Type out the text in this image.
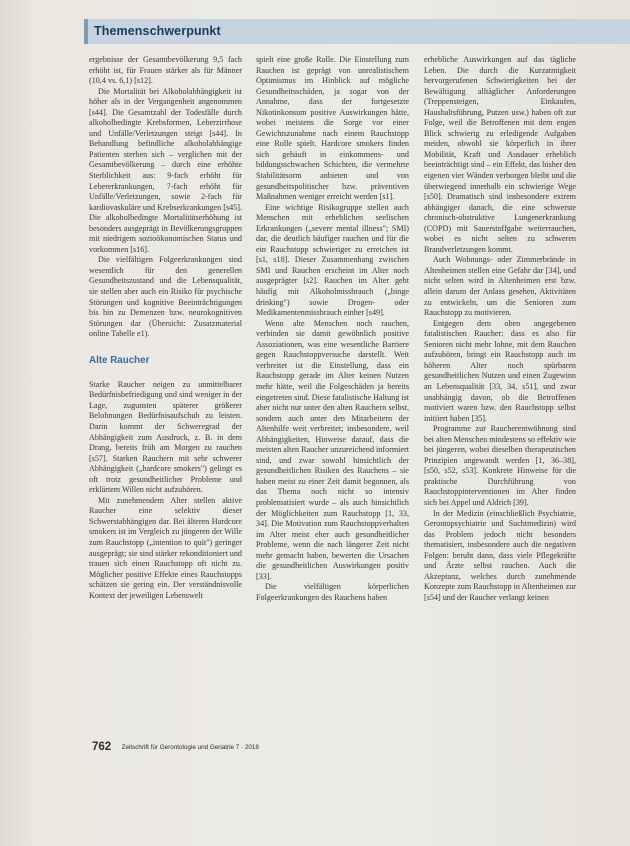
Themenschwerpunkt

ergebnisse der Gesamtbevölkerung 9,5 fach erhöht ist, für Frauen stärker als für Männer (10,4 vs. 6,1) [s12].

Die Mortalität bei Alkoholabhängigkeit ist höher als in der Vergangenheit angenommen [s44]. Die Gesamtzahl der Todesfälle durch alkoholbedingte Krebsformen, Leberzirrhose und Unfälle/Verletzungen steigt [s44]. In Behandlung befindliche alkoholabhängige Patienten sterben sich – verglichen mit der Gesamtbevölkerung – durch eine erhöhte Sterblichkeit aus: 9-fach erhöht für Lebererkrankungen, 7-fach erhöht für Unfälle/Verletzungen, sowie 2-fach für kardiovaskuläre und Krebserkrankungen [s45]. Die alkoholbedingte Mortalitätserhöhung ist besonders ausgeprägt in Bevölkerungsgruppen mit niedrigem sozioökonomischen Status und vorkommen [s16].

Die vielfältigen Folgeerkrankungen sind wesentlich für den generellen Gesundheitszustand und die Lebensqualität, sie stellen aber auch ein Risiko für psychische Störungen und kognitive Beeinträchtigungen bis hin zu Demenzen bzw. neurokognitiven Störungen dar (Übersicht: Zusatzmaterial online Tabelle e1).

Alte Raucher

Starke Raucher neigen zu unmittelbarer Bedürfnisbefriedigung und sind weniger in der Lage, zugunsten späterer größerer Belohnungen Bedürfnisaufschub zu leisten. Darin kommt der Schweregrad der Abhängigkeit zum Ausdruck, z. B. in dem Drang, bereits früh am Morgen zu rauchen [s57]. Starken Rauchern mit sehr schwerer Abhängigkeit („hardcore smokers") gelingt es oft trotz gesundheitlicher Probleme und erklärtem Willen nicht aufzuhören.

Mit zunehmendem Alter stellen aktive Raucher eine selektiv dieser Schwerstabhängigen dar. Bei älteren Hardcore smokers ist im Vergleich zu jüngeren der Wille zum Rauchstopp („intention to quit") geringer ausgeprägt; sie sind stärker rekonditioniert und trauen sich einen Rauchstopp oft nicht zu. Möglicher positive Effekte eines Rauchstopps schätzen sie gering ein. Der verständnisvolle Kontext der jeweiligen Lebenswelt

spielt eine große Rolle. Die Einstellung zum Rauchen ist geprägt von unrealistischem Optimismus im Hinblick auf mögliche Gesundheitsschäden, ja sogar von der Annahme, dass der fortgesetzte Nikotinkonsum positive Auswirkungen hätte, wobei meistens die Sorge vor einer Gewichtszunahme nach einem Rauchstopp eine Rolle spielt. Hardcore smokers finden sich gehäuft in einkommens- und bildungsschwachen Schichten, die vermehrte Stabilitätsorm anbieten und von gesundheitspolitischer bzw. präventiven Maßnahmen weniger erreicht werden [s1].

Eine wichtige Risikogruppe stellen auch Menschen mit erheblichen seelischen Erkrankungen („severe mental illness"; SMI) dar, die deutlich häufiger rauchen und für die ein Rauchstopp schwieriger zu erreichen ist [s1, s18]. Dieser Zusammenhang zwischen SMI und Rauchen erscheint im Alter noch ausgeprägter [s2]. Rauchen im Alter geht häufig mit Alkoholmissbrauch („binge drinking") sowie Drogen- oder Medikamentenmissbrauch einher [s49].

Wenn alte Menschen noch rauchen, verbinden sie damit gewöhnlich positive Assoziationen, was eine wesentliche Barriere gegen Rauchstoppversuche darstellt. Weit verbreitet ist die Einstellung, dass ein Rauchstopp gerade im Alter keinen Nutzen mehr hätte, weil die Folgeschäden ja bereits eingetreten sind. Diese fatalistische Haltung ist aber nicht nur unter den alten Rauchern selbst, sondern auch unter den Mitarbeitern der Altenhilfe weit verbreitet; insbesondere, weil Abhängigkeiten, Hinweise darauf, dass die meisten alten Raucher unzureichend informiert sind, und zwar sowohl hinsichtlich der gesundheitlichen Risiken des Rauchens – sie haben meist zu einer Zeit damit begonnen, als das Thema noch nicht so intensiv problematisiert wurde – als auch hinsichtlich der Möglichkeiten zum Rauchstopp [1, 33, 34]. Die Motivation zum Rauchstoppverhalten im Alter meist eher auch gesundheitlicher Probleme, wenn die nach längerer Zeit nicht mehr gemacht haben, bewerten die Ursachen die gesundheitlichen Auswirkungen positiv [33].

Die vielfältigen körperlichen Folgeerkrankungen des Rauchens haben

erhebliche Auswirkungen auf das tägliche Leben. Die durch die Kurzatmigkeit hervorgerufenen Schwierigkeiten bei der Bewältigung alltäglicher Anforderungen (Treppensteigen, Einkaufen, Haushaltsführung, Putzen usw.) haben oft zur Folge, weil die Betroffenen mit dem engen Blick schwierig zu erledigende Aufgaben meiden, obwohl sie körperlich in ihrer Mobilität, Kraft und Ausdauer erheblich beeinträchtigt sind – ein Effekt, das bisher den eigenen vier Wänden verborgen bleibt und die überwiegend innerhalb ein schwierige Wege [s50]. Dramatisch sind insbesondere extrem abhängiger danach, die eine schwerste chronisch-obstruktive Lungenerkrankung (COPD) mit Sauerstoffgabe weiterrauchen, wobei es nicht selten zu schweren Brandverletzungen kommt.

Auch Wohnungs- oder Zimmerbrände in Altenheimen stellen eine Gefahr dar [34], und nicht selten wird in Altenheimen erst bzw. allein darum der Anlass gesehen, Aktivitäten zu entwickeln, um die Senioren zum Rauchstopp zu motivieren.

Entgegen dem oben angegebenen fatalistischen Raucher: dass es also für Senioren nicht mehr lohne, mit dem Rauchen aufzuhören, bringt ein Rauchstopp auch im höheren Alter noch spürbaren gesundheitlichen Nutzen und einen Zugewinn an Lebensqualität [33, 34, s51], und zwar unabhängig davon, ob die Betroffenen motiviert waren bzw. den Rauchstopp selbst initiiert haben [35].

Programme zur Raucherentwöhnung sind bei alten Menschen mindestens so effektiv wie bei jüngeren, wobei dieselben therapeutischen Prinzipien angewandt werden [1, 36–38], [s50, s52, s53]. Konkrete Hinweise für die praktische Durchführung von Rauchstoppinterventionen im Alter finden sich bei Appel und Aldrich [39].

In der Medizin (einschließlich Psychiatrie, Gerontopsychiatrie und Suchtmedizin) wird das Problem jedoch nicht besonders thematisiert, insbesondere auch die negativen Folgen: beruht dann, dass viele Pflegekräfte und Ärzte selbst rauchen. Auch die Akzeptanz, welches durch zunehmende Konzepte zum Rauchstopp in Altenheimen zur [s54] und der Raucher verlangt keinen

762 Zeitschrift für Gerontologie und Geriatrie 7 · 2018
